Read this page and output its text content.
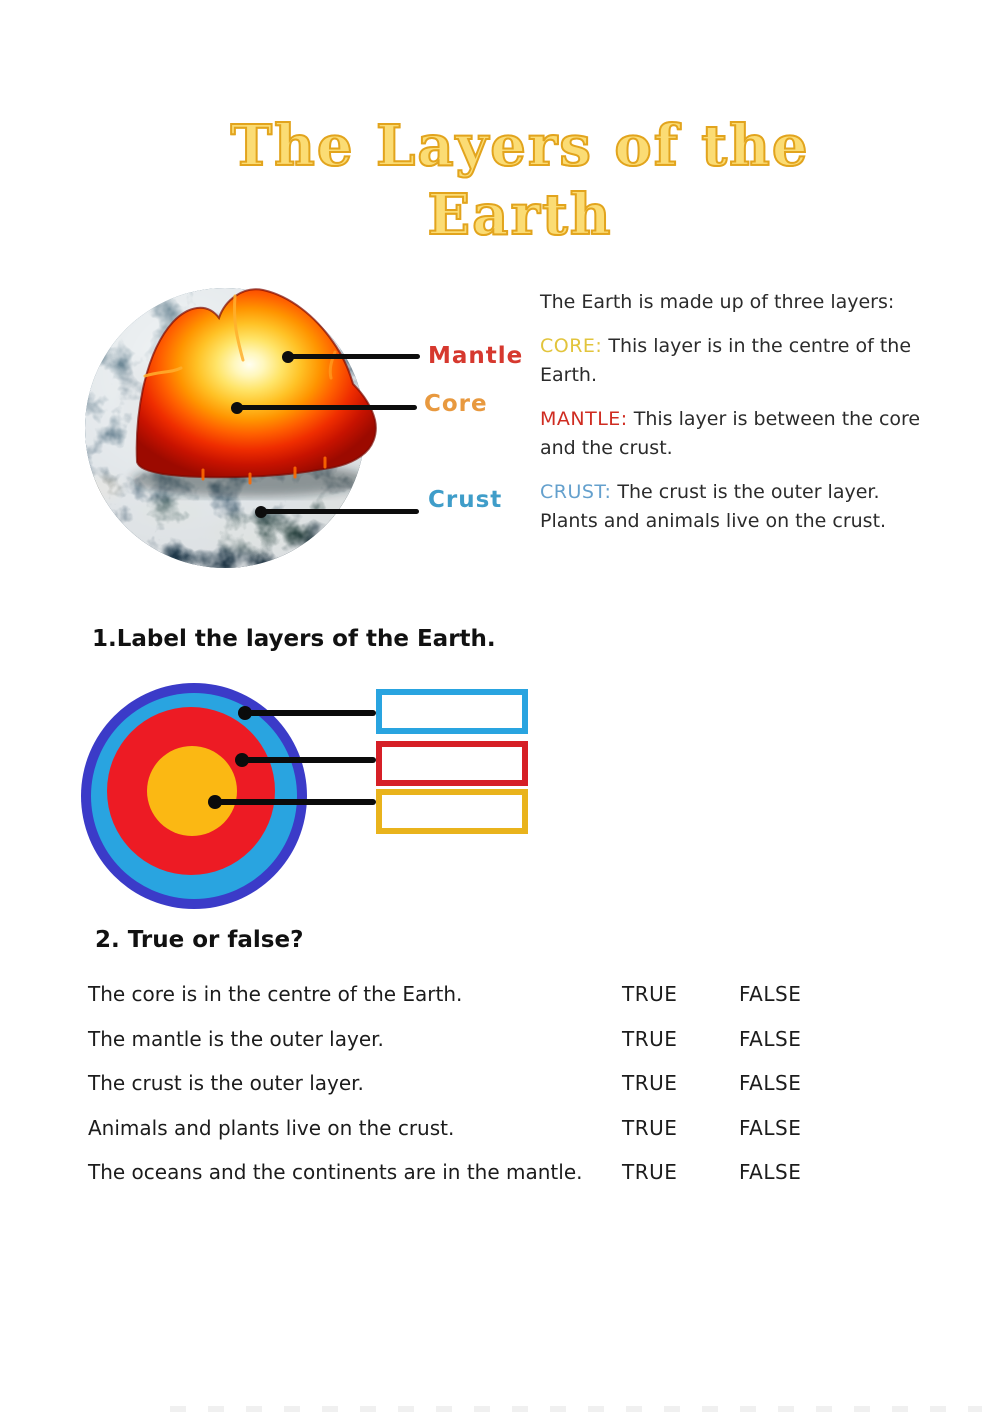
The Layers of the
Earth
Mantle
Core
Crust

The Earth is made up of three layers:

CORE: This layer is in the centre of the Earth.

MANTLE: This layer is between the core and the crust.

CRUST: The crust is the outer layer. Plants and animals live on the crust.

1.Label the layers of the Earth.
2. True or false?
The core is in the centre of the Earth.	TRUE	FALSE
The mantle is the outer layer.	TRUE	FALSE
The crust is the outer layer.	TRUE	FALSE
Animals and plants live on the crust.	TRUE	FALSE
The oceans and the continents are in the mantle. TRUE	FALSE
